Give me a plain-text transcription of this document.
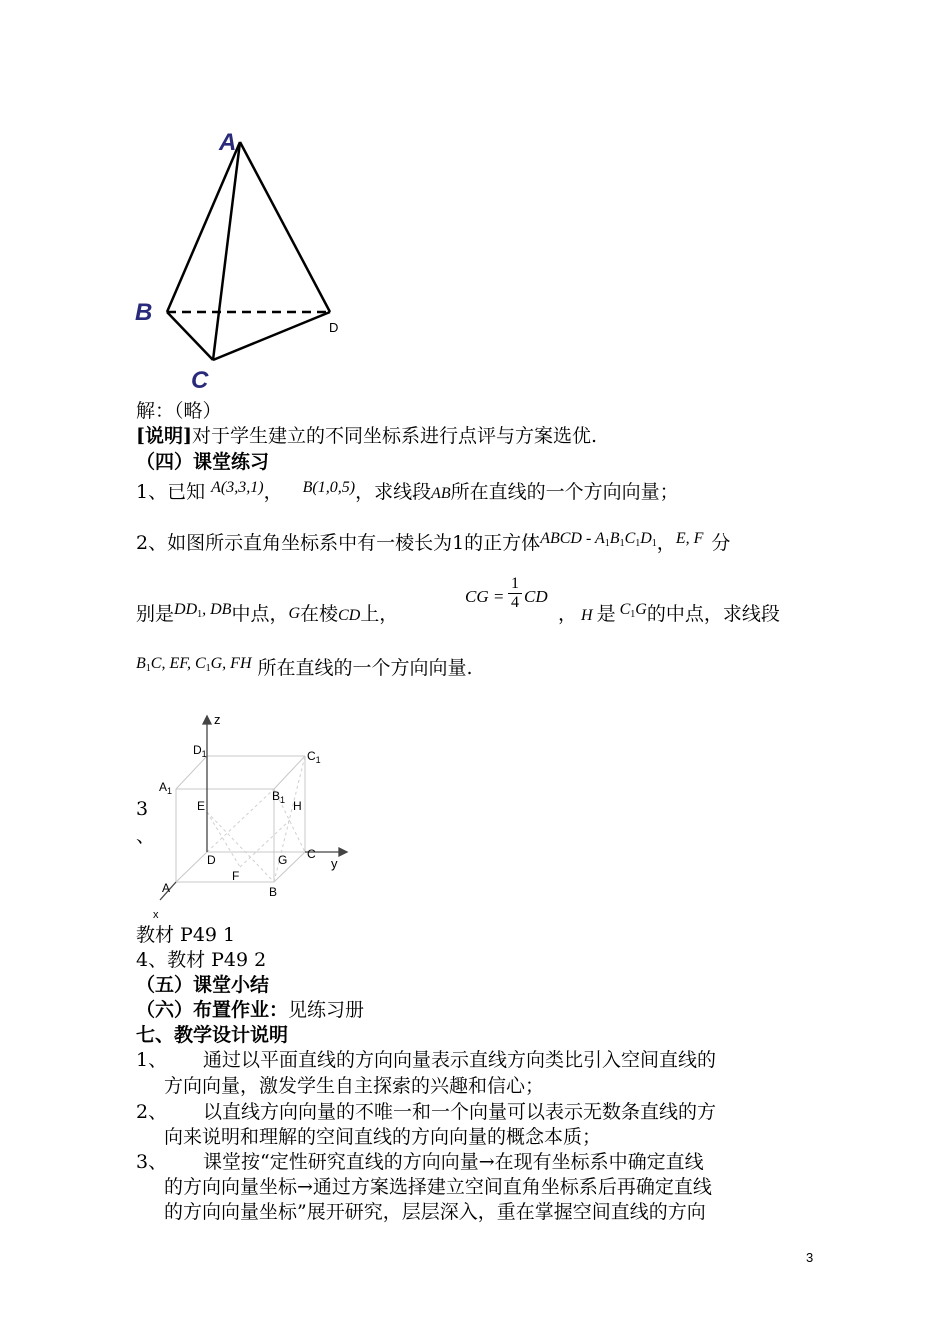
A
B
C
D
解：（略）
[说明]对于学生建立的不同坐标系进行点评与方案选优.
（四）课堂练习
1、已知 $^{A(3,3,1)}$， $^{B(1,0,5)}$，求线段AB所在直线的一个方向向量；
2、如图所示直角坐标系中有一棱长为1的正方体$^{ABCD - A_1B_1C_1D_1}$，$^{E, F}$ 分
别是$^{DD_1, DB}$中点，G在棱CD上，
CG = $\frac{1}{4}$ CD
， H 是 $^{C_1G}$的中点，求线段
$^{B_1C, EF, C_1G, FH}$ 所在直线的一个方向向量.
z
y
x
$D_1$	$C_1$
$A_1$	$B_1$
E	H
D	G C
F
A	B
3
、
教材 P49 1
4、教材 P49 2
（五）课堂小结
（六）布置作业：见练习册
七、教学设计说明
1、 通过以平面直线的方向向量表示直线方向类比引入空间直线的
方向向量，激发学生自主探索的兴趣和信心；
2、 以直线方向向量的不唯一和一个向量可以表示无数条直线的方
向来说明和理解的空间直线的方向向量的概念本质；
3、 课堂按“定性研究直线的方向向量→在现有坐标系中确定直线
的方向向量坐标→通过方案选择建立空间直角坐标系后再确定直线
的方向向量坐标”展开研究，层层深入，重在掌握空间直线的方向
3
